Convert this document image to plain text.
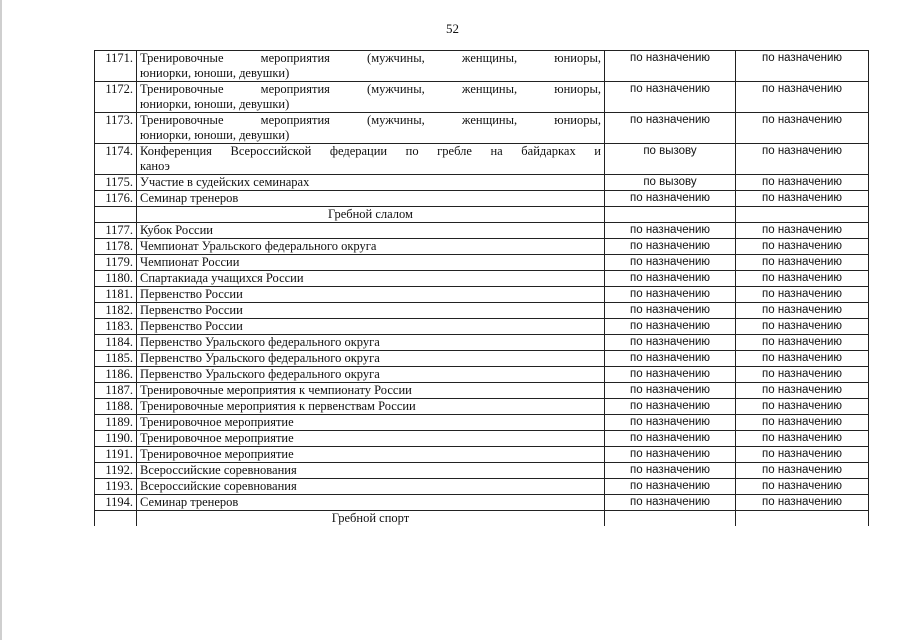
52
1171.	Тренировочные мероприятия (мужчины, женщины, юниоры,
юниорки, юноши, девушки)	по назначению	по назначению
1172.	Тренировочные мероприятия (мужчины, женщины, юниоры,
юниорки, юноши, девушки)	по назначению	по назначению
1173.	Тренировочные мероприятия (мужчины, женщины, юниоры,
юниорки, юноши, девушки)	по назначению	по назначению
1174.	Конференция Всероссийской федерации по гребле на байдарках и
каноэ	по вызову	по назначению
1175.	Участие в судейских семинарах	по вызову	по назначению
1176.	Семинар тренеров	по назначению	по назначению
	Гребной слалом		
1177.	Кубок России	по назначению	по назначению
1178.	Чемпионат Уральского федерального округа	по назначению	по назначению
1179.	Чемпионат России	по назначению	по назначению
1180.	Спартакиада учащихся России	по назначению	по назначению
1181.	Первенство России	по назначению	по назначению
1182.	Первенство России	по назначению	по назначению
1183.	Первенство России	по назначению	по назначению
1184.	Первенство Уральского федерального округа	по назначению	по назначению
1185.	Первенство Уральского федерального округа	по назначению	по назначению
1186.	Первенство Уральского федерального округа	по назначению	по назначению
1187.	Тренировочные мероприятия к чемпионату России	по назначению	по назначению
1188.	Тренировочные мероприятия к первенствам России	по назначению	по назначению
1189.	Тренировочное мероприятие	по назначению	по назначению
1190.	Тренировочное мероприятие	по назначению	по назначению
1191.	Тренировочное мероприятие	по назначению	по назначению
1192.	Всероссийские соревнования	по назначению	по назначению
1193.	Всероссийские соревнования	по назначению	по назначению
1194.	Семинар тренеров	по назначению	по назначению
	Гребной спорт		
